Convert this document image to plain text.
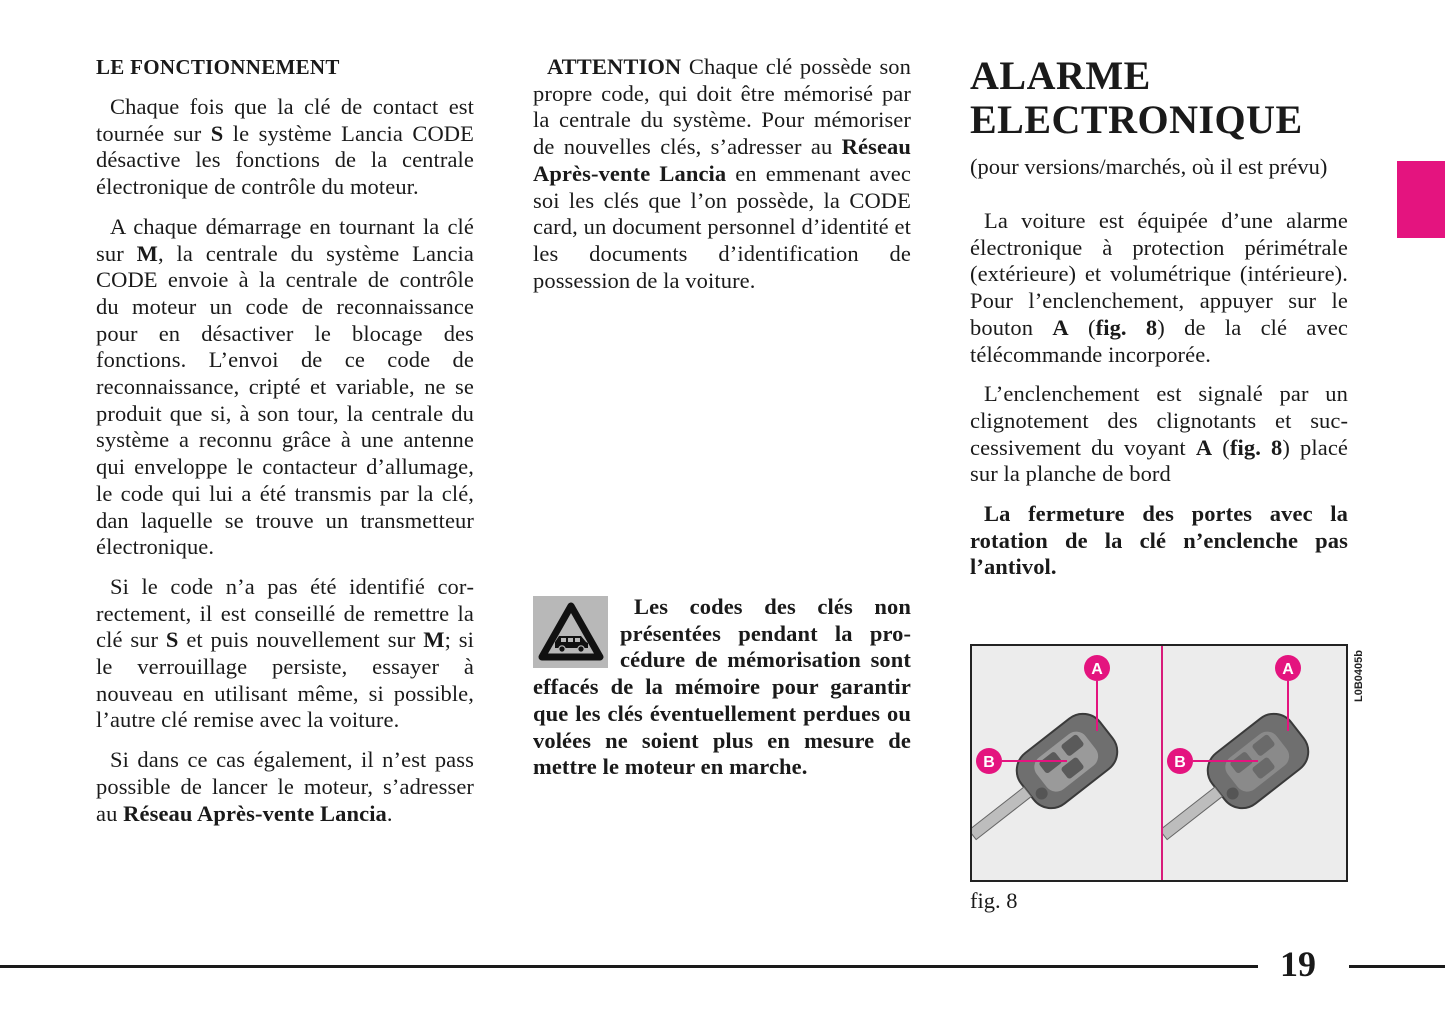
LE FONCTIONNEMENT

Chaque fois que la clé de contact est tournée sur S le système Lancia CODE désactive les fonctions de la centrale électronique de contrôle du moteur.

A chaque démarrage en tournant la clé sur M, la centrale du système Lancia CODE envoie à la centrale de contrôle du moteur un code de reconnaissance pour en désactiver le blocage des fonctions. L’envoi de ce code de reconnaissance, cripté et variable, ne se produit que si, à son tour, la centrale du système a reconnu grâce à une antenne qui enveloppe le contacteur d’allumage, le code qui lui a été transmis par la clé, dan laquelle se trouve un transmetteur électronique.

Si le code n’a pas été identifié correctement, il est conseillé de remettre la clé sur S et puis nouvellement sur M; si le verrouillage persiste, essayer à nouveau en utilisant même, si possible, l’autre clé remise avec la voiture.

Si dans ce cas également, il n’est pass possible de lancer le moteur, s’adresser au Réseau Après-vente Lancia.

ATTENTION Chaque clé possède son propre code, qui doit être mémorisé par la centrale du système. Pour mémoriser de nouvelles clés, s’adresser au Réseau Après-vente Lancia en emmenant avec soi les clés que l’on possède, la CODE card, un document personnel d’identité et les documents d’identification de possession de la voiture.

Les codes des clés non présentées pendant la procédure de mémorisation sont effacés de la mémoire pour garantir que les clés éventuellement perdues ou volées ne soient plus en mesure de mettre le moteur en marche.

ALARME
ELECTRONIQUE
(pour versions/marchés, où il est prévu)

La voiture est équipée d’une alarme électronique à protection périmétrale (extérieure) et volumétrique (intérieure). Pour l’enclenchement, appuyer sur le bouton A (fig. 8) de la clé avec télécommande incorporée.

L’enclenchement est signalé par un clignotement des clignotants et successivement du voyant A (fig. 8) placé sur la planche de bord

La fermeture des portes avec la rotation de la clé n’enclenche pas l’antivol.

A
B
A
B
L0B0405b
fig. 8
19
